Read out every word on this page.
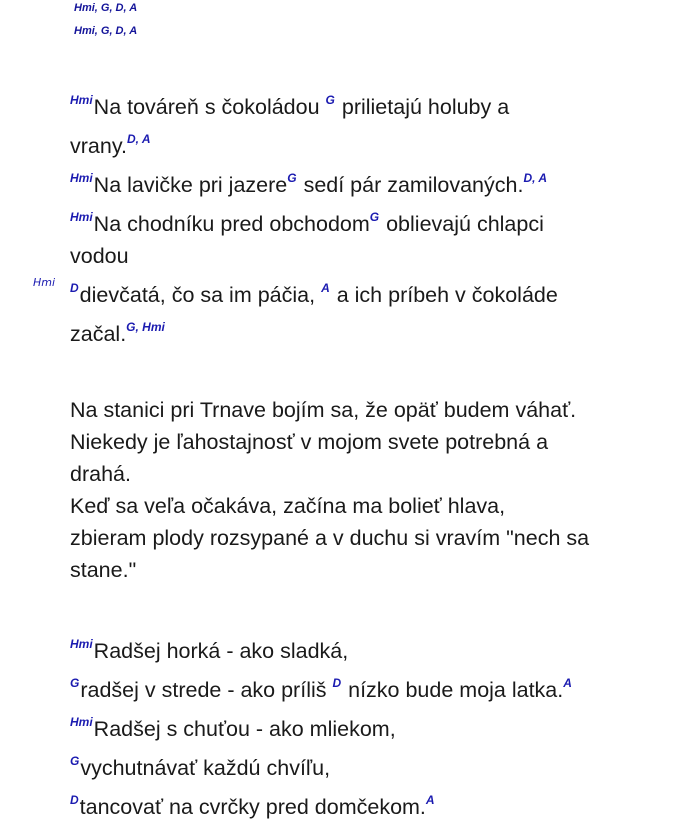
Hmi, G, D, A
Hmi, G, D, A
Hmi
$^{Hmi}$Na továreň s čokoládou $^G$ prilietajú holuby a
vrany.$^{D, A}$
$^{Hmi}$Na lavičke pri jazere$^G$ sedí pár zamilovaných.$^{D, A}$
$^{Hmi}$Na chodníku pred obchodom$^G$ oblievajú chlapci
vodou
$^D$dievčatá, čo sa im páčia, $^A$ a ich príbeh v čokoláde
začal.$^{G, Hmi}$
Na stanici pri Trnave bojím sa, že opäť budem váhať.
Niekedy je ľahostajnosť v mojom svete potrebná a
drahá.
Keď sa veľa očakáva, začína ma bolieť hlava,
zbieram plody rozsypané a v duchu si vravím "nech sa
stane."
$^{Hmi}$Radšej horká - ako sladká,
$^G$radšej v strede - ako príliš $^D$ nízko bude moja latka.$^A$
$^{Hmi}$Radšej s chuťou - ako mliekom,
$^G$vychutnávať každú chvíľu,
$^D$tancovať na cvrčky pred domčekom.$^A$
